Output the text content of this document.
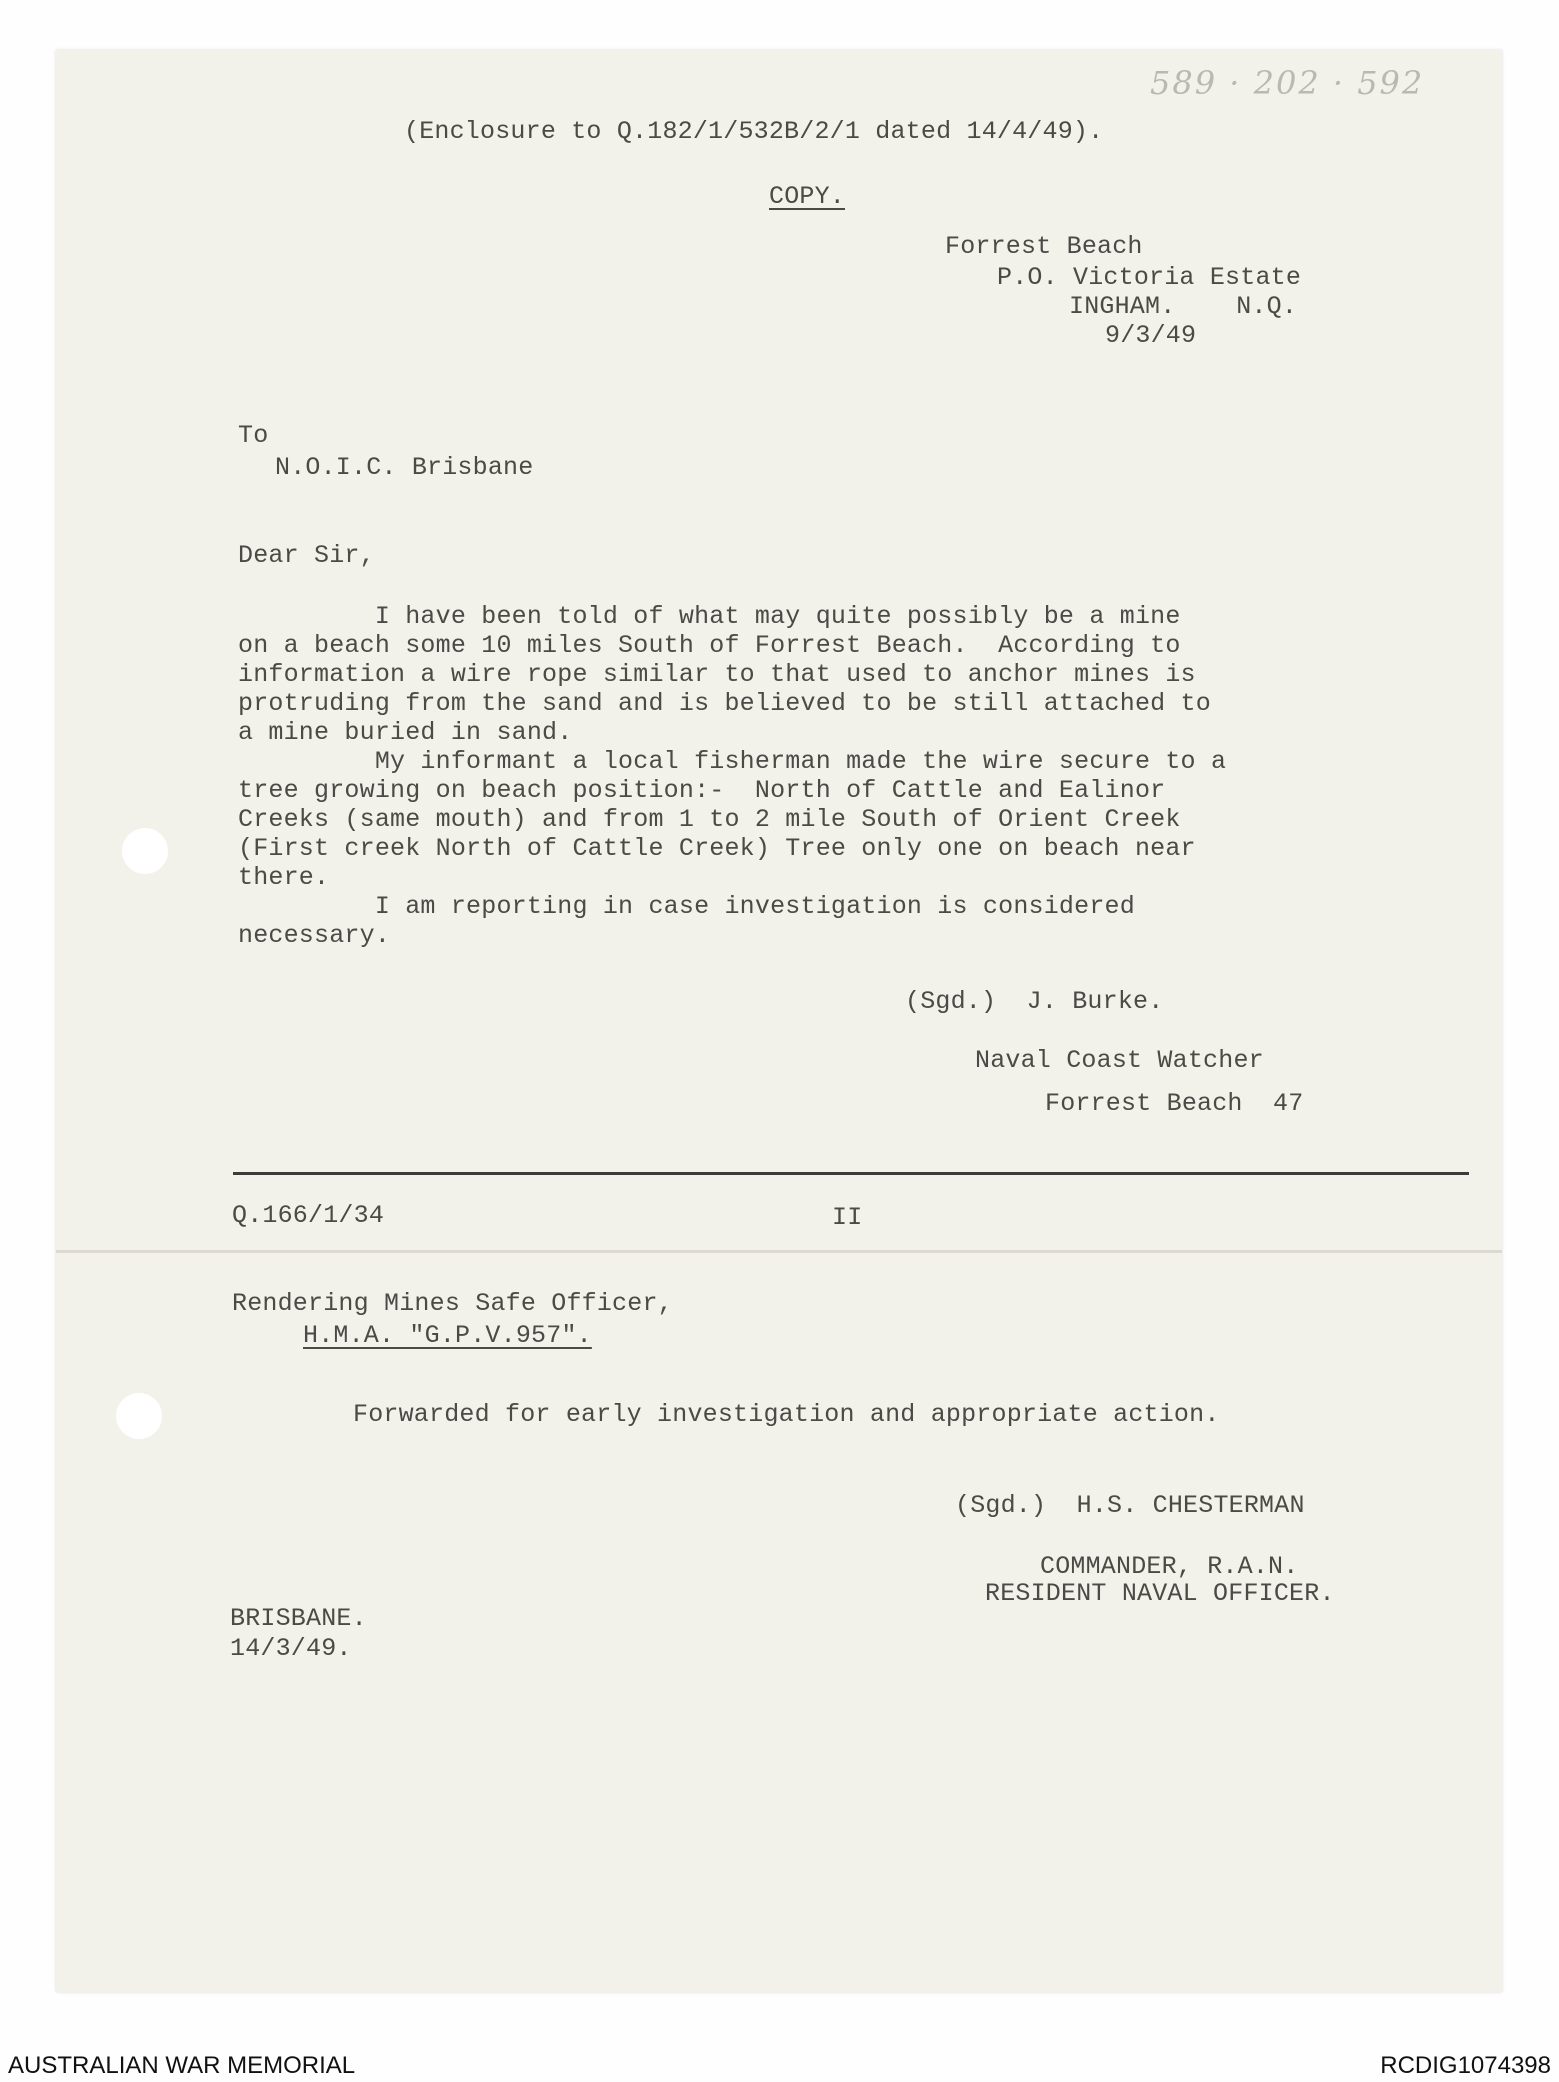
589 · 202 · 592
(Enclosure to Q.182/1/532B/2/1 dated 14/4/49).
COPY.
Forrest Beach
P.O. Victoria Estate
INGHAM.    N.Q.
9/3/49
To
N.O.I.C. Brisbane
Dear Sir,
I have been told of what may quite possibly be a mine
on a beach some 10 miles South of Forrest Beach.  According to
information a wire rope similar to that used to anchor mines is
protruding from the sand and is believed to be still attached to
a mine buried in sand.
My informant a local fisherman made the wire secure to a
tree growing on beach position:-  North of Cattle and Ealinor
Creeks (same mouth) and from 1 to 2 mile South of Orient Creek
(First creek North of Cattle Creek) Tree only one on beach near
there.
I am reporting in case investigation is considered
necessary.
(Sgd.)  J. Burke.
Naval Coast Watcher
Forrest Beach  47
Q.166/1/34	II
Rendering Mines Safe Officer,
H.M.A. "G.P.V.957".
Forwarded for early investigation and appropriate action.
(Sgd.)  H.S. CHESTERMAN
COMMANDER, R.A.N.
RESIDENT NAVAL OFFICER.
BRISBANE.
14/3/49.
AUSTRALIAN WAR MEMORIAL	RCDIG1074398
